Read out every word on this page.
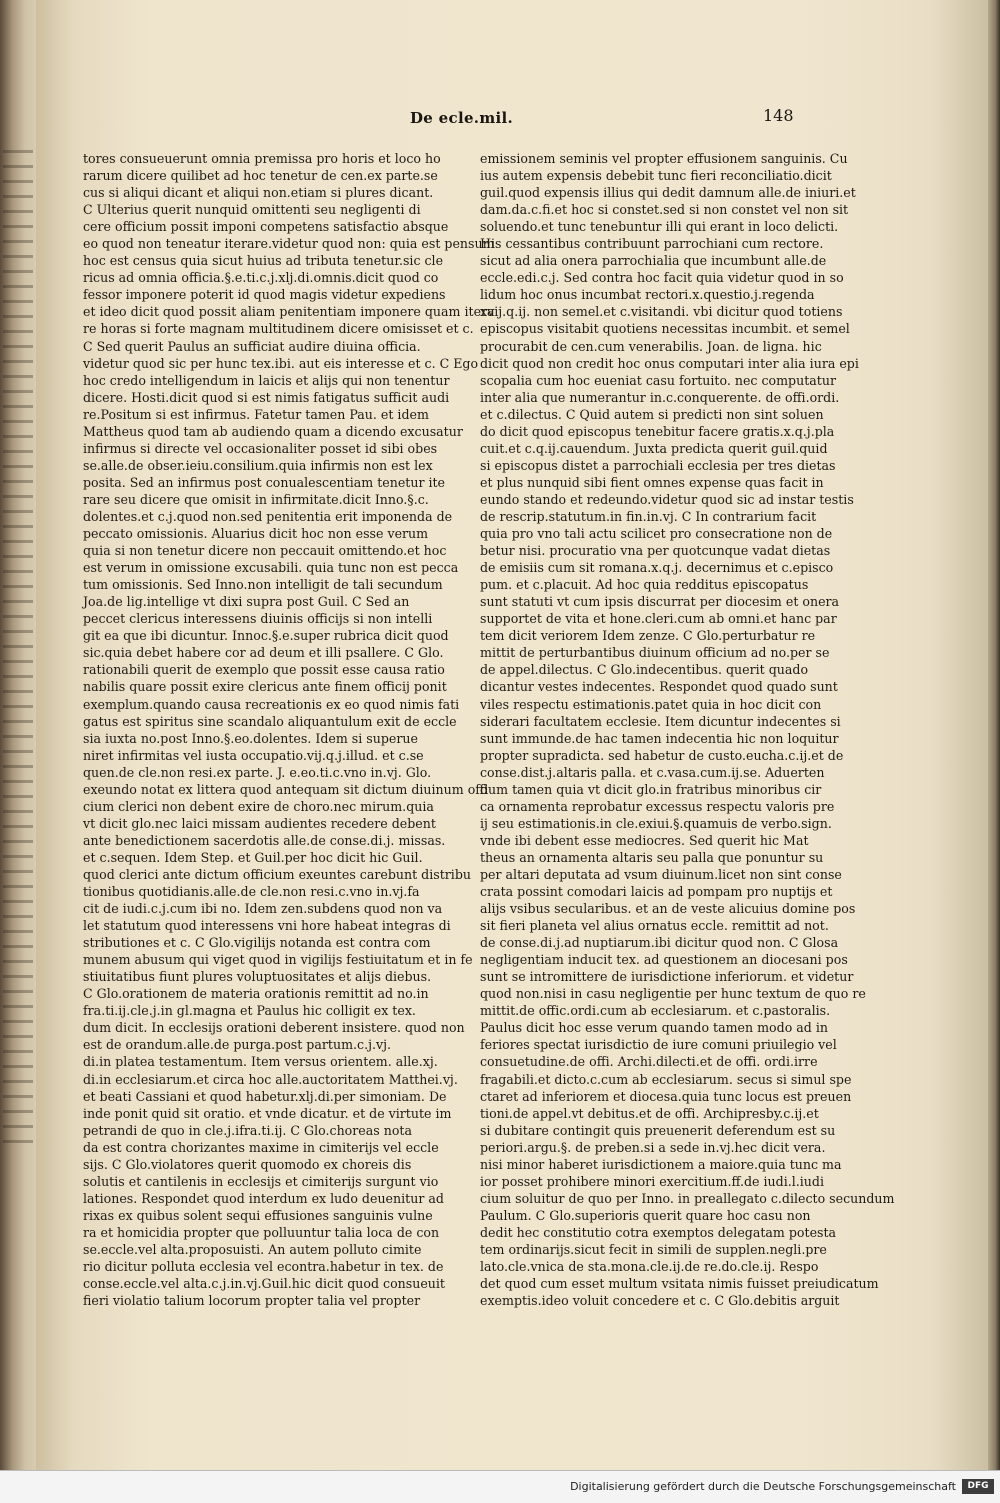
De ecle.mil.	148
tores consueuerunt omnia premissa pro horis et loco ho
rarum dicere quilibet ad hoc tenetur de cen.ex parte.se
cus si aliqui dicant et aliqui non.etiam si plures dicant.
C Ulterius querit nunquid omittenti seu negligenti di
cere officium possit imponi competens satisfactio absque
eo quod non teneatur iterare.videtur quod non: quia est pensum
hoc est census quia sicut huius ad tributa tenetur.sic cle
ricus ad omnia officia.§.e.ti.c.j.xlj.di.omnis.dicit quod co
fessor imponere poterit id quod magis videtur expediens
et ideo dicit quod possit aliam penitentiam imponere quam itera
re horas si forte magnam multitudinem dicere omisisset et c.
C Sed querit Paulus an sufficiat audire diuina officia.
videtur quod sic per hunc tex.ibi. aut eis interesse et c. C Ego
hoc credo intelligendum in laicis et alijs qui non tenentur
dicere. Hosti.dicit quod si est nimis fatigatus sufficit audi
re.Positum si est infirmus. Fatetur tamen Pau. et idem
Mattheus quod tam ab audiendo quam a dicendo excusatur
infirmus si directe vel occasionaliter posset id sibi obes
se.alle.de obser.ieiu.consilium.quia infirmis non est lex
posita. Sed an infirmus post conualescentiam tenetur ite
rare seu dicere que omisit in infirmitate.dicit Inno.§.c.
dolentes.et c.j.quod non.sed penitentia erit imponenda de
peccato omissionis. Aluarius dicit hoc non esse verum
quia si non tenetur dicere non peccauit omittendo.et hoc
est verum in omissione excusabili. quia tunc non est pecca
tum omissionis. Sed Inno.non intelligit de tali secundum
Joa.de lig.intellige vt dixi supra post Guil. C Sed an
peccet clericus interessens diuinis officijs si non intelli
git ea que ibi dicuntur. Innoc.§.e.super rubrica dicit quod
sic.quia debet habere cor ad deum et illi psallere. C Glo.
rationabili querit de exemplo que possit esse causa ratio
nabilis quare possit exire clericus ante finem officij ponit
exemplum.quando causa recreationis ex eo quod nimis fati
gatus est spiritus sine scandalo aliquantulum exit de eccle
sia iuxta no.post Inno.§.eo.dolentes. Idem si superue
niret infirmitas vel iusta occupatio.vij.q.j.illud. et c.se
quen.de cle.non resi.ex parte. J. e.eo.ti.c.vno in.vj. Glo.
exeundo notat ex littera quod antequam sit dictum diuinum offi
cium clerici non debent exire de choro.nec mirum.quia
vt dicit glo.nec laici missam audientes recedere debent
ante benedictionem sacerdotis alle.de conse.di.j. missas.
et c.sequen. Idem Step. et Guil.per hoc dicit hic Guil.
quod clerici ante dictum officium exeuntes carebunt distribu
tionibus quotidianis.alle.de cle.non resi.c.vno in.vj.fa
cit de iudi.c.j.cum ibi no. Idem zen.subdens quod non va
let statutum quod interessens vni hore habeat integras di
stributiones et c. C Glo.vigilijs notanda est contra com
munem abusum qui viget quod in vigilijs festiuitatum et in fe
stiuitatibus fiunt plures voluptuositates et alijs diebus.
C Glo.orationem de materia orationis remittit ad no.in
fra.ti.ij.cle.j.in gl.magna et Paulus hic colligit ex tex.
dum dicit. In ecclesijs orationi deberent insistere. quod non
est de orandum.alle.de purga.post partum.c.j.vj.
di.in platea testamentum. Item versus orientem. alle.xj.
di.in ecclesiarum.et circa hoc alle.auctoritatem Matthei.vj.
et beati Cassiani et quod habetur.xlj.di.per simoniam. De
inde ponit quid sit oratio. et vnde dicatur. et de virtute im
petrandi de quo in cle.j.ifra.ti.ij. C Glo.choreas nota
da est contra chorizantes maxime in cimiterijs vel eccle
sijs. C Glo.violatores querit quomodo ex choreis dis
solutis et cantilenis in ecclesijs et cimiterijs surgunt vio
lationes. Respondet quod interdum ex ludo deuenitur ad
rixas ex quibus solent sequi effusiones sanguinis vulne
ra et homicidia propter que polluuntur talia loca de con
se.eccle.vel alta.proposuisti. An autem polluto cimite
rio dicitur polluta ecclesia vel econtra.habetur in tex. de
conse.eccle.vel alta.c.j.in.vj.Guil.hic dicit quod consueuit
fieri violatio talium locorum propter talia vel propter
emissionem seminis vel propter effusionem sanguinis. Cu
ius autem expensis debebit tunc fieri reconciliatio.dicit
guil.quod expensis illius qui dedit damnum alle.de iniuri.et
dam.da.c.fi.et hoc si constet.sed si non constet vel non sit
soluendo.et tunc tenebuntur illi qui erant in loco delicti.
His cessantibus contribuunt parrochiani cum rectore.
sicut ad alia onera parrochialia que incumbunt alle.de
eccle.edi.c.j. Sed contra hoc facit quia videtur quod in so
lidum hoc onus incumbat rectori.x.questio.j.regenda
xvij.q.ij. non semel.et c.visitandi. vbi dicitur quod totiens
episcopus visitabit quotiens necessitas incumbit. et semel
procurabit de cen.cum venerabilis. Joan. de ligna. hic
dicit quod non credit hoc onus computari inter alia iura epi
scopalia cum hoc eueniat casu fortuito. nec computatur
inter alia que numerantur in.c.conquerente. de offi.ordi.
et c.dilectus. C Quid autem si predicti non sint soluen
do dicit quod episcopus tenebitur facere gratis.x.q.j.pla
cuit.et c.q.ij.cauendum. Juxta predicta querit guil.quid
si episcopus distet a parrochiali ecclesia per tres dietas
et plus nunquid sibi fient omnes expense quas facit in
eundo stando et redeundo.videtur quod sic ad instar testis
de rescrip.statutum.in fin.in.vj. C In contrarium facit
quia pro vno tali actu scilicet pro consecratione non de
betur nisi. procuratio vna per quotcunque vadat dietas
de emisiis cum sit romana.x.q.j. decernimus et c.episco
pum. et c.placuit. Ad hoc quia redditus episcopatus
sunt statuti vt cum ipsis discurrat per diocesim et onera
supportet de vita et hone.cleri.cum ab omni.et hanc par
tem dicit veriorem Idem zenze. C Glo.perturbatur re
mittit de perturbantibus diuinum officium ad no.per se
de appel.dilectus. C Glo.indecentibus. querit quado
dicantur vestes indecentes. Respondet quod quado sunt
viles respectu estimationis.patet quia in hoc dicit con
siderari facultatem ecclesie. Item dicuntur indecentes si
sunt immunde.de hac tamen indecentia hic non loquitur
propter supradicta. sed habetur de custo.eucha.c.ij.et de
conse.dist.j.altaris palla. et c.vasa.cum.ij.se. Aduerten
dum tamen quia vt dicit glo.in fratribus minoribus cir
ca ornamenta reprobatur excessus respectu valoris pre
ij seu estimationis.in cle.exiui.§.quamuis de verbo.sign.
vnde ibi debent esse mediocres. Sed querit hic Mat
theus an ornamenta altaris seu palla que ponuntur su
per altari deputata ad vsum diuinum.licet non sint conse
crata possint comodari laicis ad pompam pro nuptijs et
alijs vsibus secularibus. et an de veste alicuius domine pos
sit fieri planeta vel alius ornatus eccle. remittit ad not.
de conse.di.j.ad nuptiarum.ibi dicitur quod non. C Glosa
negligentiam inducit tex. ad questionem an diocesani pos
sunt se intromittere de iurisdictione inferiorum. et videtur
quod non.nisi in casu negligentie per hunc textum de quo re
mittit.de offic.ordi.cum ab ecclesiarum. et c.pastoralis.
Paulus dicit hoc esse verum quando tamen modo ad in
feriores spectat iurisdictio de iure comuni priuilegio vel
consuetudine.de offi. Archi.dilecti.et de offi. ordi.irre
fragabili.et dicto.c.cum ab ecclesiarum. secus si simul spe
ctaret ad inferiorem et diocesa.quia tunc locus est preuen
tioni.de appel.vt debitus.et de offi. Archipresby.c.ij.et
si dubitare contingit quis preuenerit deferendum est su
periori.argu.§. de preben.si a sede in.vj.hec dicit vera.
nisi minor haberet iurisdictionem a maiore.quia tunc ma
ior posset prohibere minori exercitium.ff.de iudi.l.iudi
cium soluitur de quo per Inno. in preallegato c.dilecto secundum
Paulum. C Glo.superioris querit quare hoc casu non
dedit hec constitutio cotra exemptos delegatam potesta
tem ordinarijs.sicut fecit in simili de supplen.negli.pre
lato.cle.vnica de sta.mona.cle.ij.de re.do.cle.ij. Respo
det quod cum esset multum vsitata nimis fuisset preiudicatum
exemptis.ideo voluit concedere et c. C Glo.debitis arguit
Digitalisierung gefördert durch die Deutsche Forschungsgemeinschaft	DFG
